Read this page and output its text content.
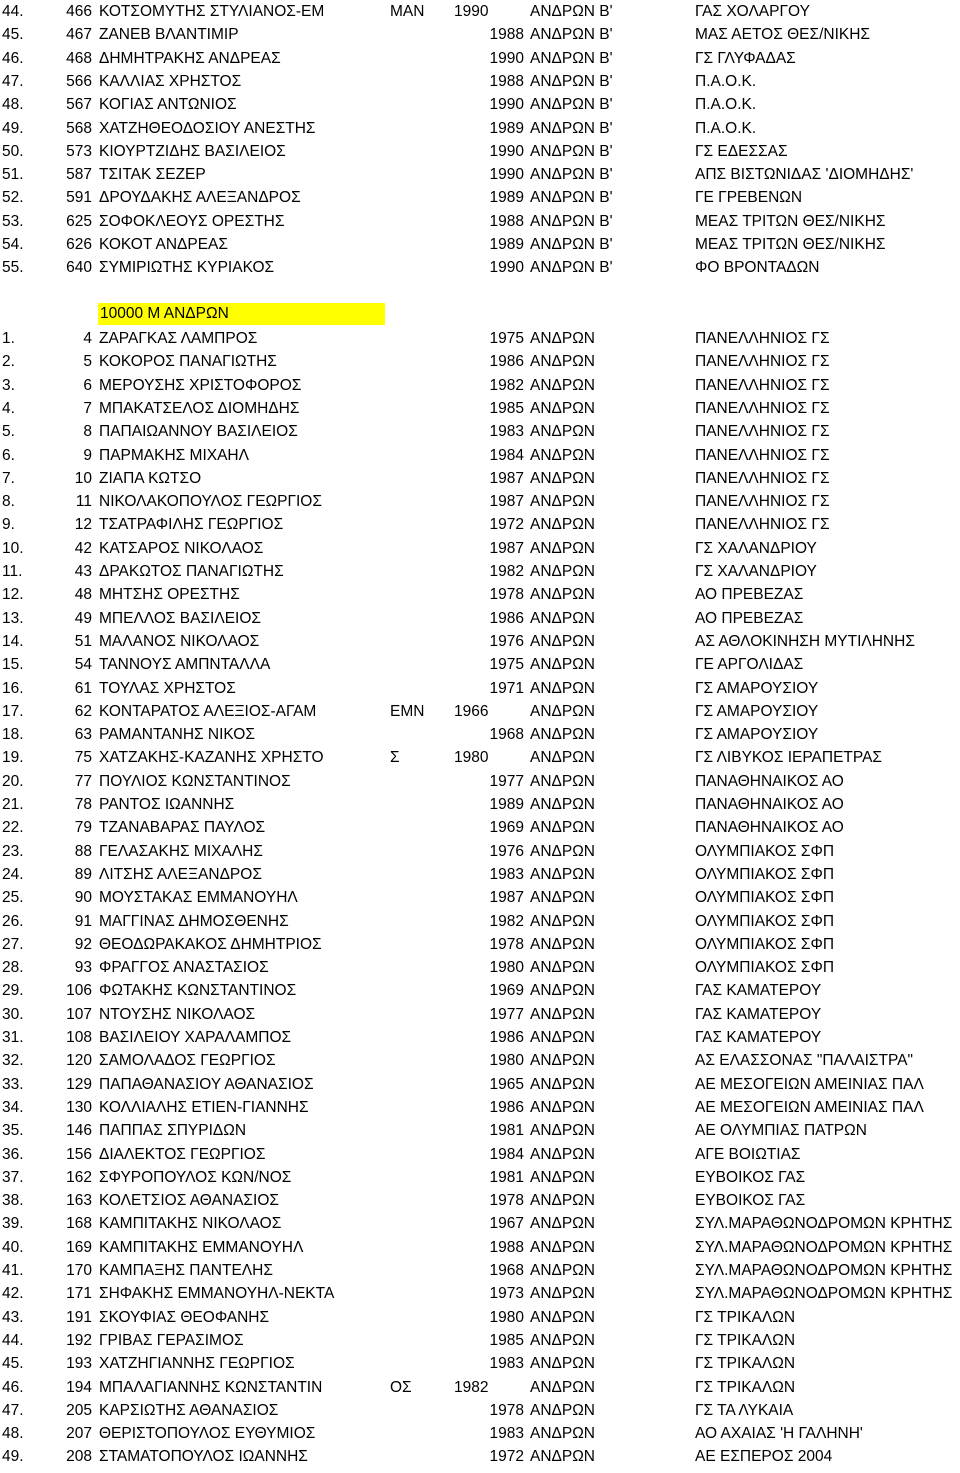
44.	466 ΚΟΤΣΟΜΥΤΗΣ ΣΤΥΛΙΑΝΟΣ-ΕΜ	ΜΑΝ 1990	ΑΝΔΡΩΝ Β'	ΓΑΣ ΧΟΛΑΡΓΟΥ
45.	467 ZANEB ΒΛΑΝΤΙΜΙΡ	1988 ΑΝΔΡΩΝ Β'	ΜΑΣ ΑΕΤΟΣ ΘΕΣ/ΝΙΚΗΣ
46.	468 ΔΗΜΗΤΡΑΚΗΣ ΑΝΔΡΕΑΣ	1990 ΑΝΔΡΩΝ Β'	ΓΣ ΓΛΥΦΑΔΑΣ
47.	566 ΚΑΛΛΙΑΣ ΧΡΗΣΤΟΣ	1988 ΑΝΔΡΩΝ Β'	Π.Α.Ο.Κ.
48.	567 ΚΟΓΙΑΣ ΑΝΤΩΝΙΟΣ	1990 ΑΝΔΡΩΝ Β'	Π.Α.Ο.Κ.
49.	568 ΧΑΤΖΗΘΕΟΔΟΣΙΟΥ ΑΝΕΣΤΗΣ	1989 ΑΝΔΡΩΝ Β'	Π.Α.Ο.Κ.
50.	573 ΚΙΟΥΡΤΖΙΔΗΣ ΒΑΣΙΛΕΙΟΣ	1990 ΑΝΔΡΩΝ Β'	ΓΣ ΕΔΕΣΣΑΣ
51.	587 ΤΣΙΤΑΚ ΣΕΖΕΡ	1990 ΑΝΔΡΩΝ Β'	ΑΠΣ ΒΙΣΤΩΝΙΔΑΣ 'ΔΙΟΜΗΔΗΣ'
52.	591 ΔΡΟΥΔΑΚΗΣ ΑΛΕΞΑΝΔΡΟΣ	1989 ΑΝΔΡΩΝ Β'	ΓΕ ΓΡΕΒΕΝΩΝ
53.	625 ΣΟΦΟΚΛΕΟΥΣ ΟΡΕΣΤΗΣ	1988 ΑΝΔΡΩΝ Β'	ΜΕΑΣ ΤΡΙΤΩΝ ΘΕΣ/ΝΙΚΗΣ
54.	626 ΚΟΚΟΤ ΑΝΔΡΕΑΣ	1989 ΑΝΔΡΩΝ Β'	ΜΕΑΣ ΤΡΙΤΩΝ ΘΕΣ/ΝΙΚΗΣ
55.	640 ΣΥΜΙΡΙΩΤΗΣ ΚΥΡΙΑΚΟΣ	1990 ΑΝΔΡΩΝ Β'	ΦΟ ΒΡΟΝΤΑΔΩΝ
10000 Μ ΑΝΔΡΩΝ
1.	4 ΖΑΡΑΓΚΑΣ ΛΑΜΠΡΟΣ	1975 ΑΝΔΡΩΝ	ΠΑΝΕΛΛΗΝΙΟΣ ΓΣ
2.	5 ΚΟΚΟΡΟΣ ΠΑΝΑΓΙΩΤΗΣ	1986 ΑΝΔΡΩΝ	ΠΑΝΕΛΛΗΝΙΟΣ ΓΣ
3.	6 ΜΕΡΟΥΣΗΣ ΧΡΙΣΤΟΦΟΡΟΣ	1982 ΑΝΔΡΩΝ	ΠΑΝΕΛΛΗΝΙΟΣ ΓΣ
4.	7 ΜΠΑΚΑΤΣΕΛΟΣ ΔΙΟΜΗΔΗΣ	1985 ΑΝΔΡΩΝ	ΠΑΝΕΛΛΗΝΙΟΣ ΓΣ
5.	8 ΠΑΠΑΙΩΑΝΝΟΥ ΒΑΣΙΛΕΙΟΣ	1983 ΑΝΔΡΩΝ	ΠΑΝΕΛΛΗΝΙΟΣ ΓΣ
6.	9 ΠΑΡΜΑΚΗΣ ΜΙΧΑΗΛ	1984 ΑΝΔΡΩΝ	ΠΑΝΕΛΛΗΝΙΟΣ ΓΣ
7.	10 ΖΙΑΠΑ ΚΩΤΣΟ	1987 ΑΝΔΡΩΝ	ΠΑΝΕΛΛΗΝΙΟΣ ΓΣ
8.	11 ΝΙΚΟΛΑΚΟΠΟΥΛΟΣ ΓΕΩΡΓΙΟΣ	1987 ΑΝΔΡΩΝ	ΠΑΝΕΛΛΗΝΙΟΣ ΓΣ
9.	12 ΤΣΑΤΡΑΦΙΛΗΣ ΓΕΩΡΓΙΟΣ	1972 ΑΝΔΡΩΝ	ΠΑΝΕΛΛΗΝΙΟΣ ΓΣ
10.	42 ΚΑΤΣΑΡΟΣ ΝΙΚΟΛΑΟΣ	1987 ΑΝΔΡΩΝ	ΓΣ ΧΑΛΑΝΔΡΙΟΥ
11.	43 ΔΡΑΚΩΤΟΣ ΠΑΝΑΓΙΩΤΗΣ	1982 ΑΝΔΡΩΝ	ΓΣ ΧΑΛΑΝΔΡΙΟΥ
12.	48 ΜΗΤΣΗΣ ΟΡΕΣΤΗΣ	1978 ΑΝΔΡΩΝ	ΑΟ ΠΡΕΒΕΖΑΣ
13.	49 ΜΠΕΛΛΟΣ ΒΑΣΙΛΕΙΟΣ	1986 ΑΝΔΡΩΝ	ΑΟ ΠΡΕΒΕΖΑΣ
14.	51 ΜΑΛΑΝΟΣ ΝΙΚΟΛΑΟΣ	1976 ΑΝΔΡΩΝ	ΑΣ ΑΘΛΟΚΙΝΗΣΗ ΜΥΤΙΛΗΝΗΣ
15.	54 ΤΑΝΝΟΥΣ ΑΜΠΝΤΑΛΛΑ	1975 ΑΝΔΡΩΝ	ΓΕ ΑΡΓΟΛΙΔΑΣ
16.	61 ΤΟΥΛΑΣ ΧΡΗΣΤΟΣ	1971 ΑΝΔΡΩΝ	ΓΣ ΑΜΑΡΟΥΣΙΟΥ
17.	62 ΚΟΝΤΑΡΑΤΟΣ ΑΛΕΞΙΟΣ-ΑΓΑΜ	ΕΜΝ 1966	ΑΝΔΡΩΝ	ΓΣ ΑΜΑΡΟΥΣΙΟΥ
18.	63 ΡΑΜΑΝΤΑΝΗΣ ΝΙΚΟΣ	1968 ΑΝΔΡΩΝ	ΓΣ ΑΜΑΡΟΥΣΙΟΥ
19.	75 ΧΑΤΖΑΚΗΣ-ΚΑΖΑΝΗΣ ΧΡΗΣΤΟ	Σ	1980	ΑΝΔΡΩΝ	ΓΣ ΛΙΒΥΚΟΣ ΙΕΡΑΠΕΤΡΑΣ
20.	77 ΠΟΥΛΙΟΣ ΚΩΝΣΤΑΝΤΙΝΟΣ	1977 ΑΝΔΡΩΝ	ΠΑΝΑΘΗΝΑΙΚΟΣ ΑΟ
21.	78 ΡΑΝΤΟΣ ΙΩΑΝΝΗΣ	1989 ΑΝΔΡΩΝ	ΠΑΝΑΘΗΝΑΙΚΟΣ ΑΟ
22.	79 ΤΖΑΝΑΒΑΡΑΣ ΠΑΥΛΟΣ	1969 ΑΝΔΡΩΝ	ΠΑΝΑΘΗΝΑΙΚΟΣ ΑΟ
23.	88 ΓΕΛΑΣΑΚΗΣ ΜΙΧΑΛΗΣ	1976 ΑΝΔΡΩΝ	ΟΛΥΜΠΙΑΚΟΣ ΣΦΠ
24.	89 ΛΙΤΣΗΣ ΑΛΕΞΑΝΔΡΟΣ	1983 ΑΝΔΡΩΝ	ΟΛΥΜΠΙΑΚΟΣ ΣΦΠ
25.	90 ΜΟΥΣΤΑΚΑΣ ΕΜΜΑΝΟΥΗΛ	1987 ΑΝΔΡΩΝ	ΟΛΥΜΠΙΑΚΟΣ ΣΦΠ
26.	91 ΜΑΓΓΙΝΑΣ ΔΗΜΟΣΘΕΝΗΣ	1982 ΑΝΔΡΩΝ	ΟΛΥΜΠΙΑΚΟΣ ΣΦΠ
27.	92 ΘΕΟΔΩΡΑΚΑΚΟΣ ΔΗΜΗΤΡΙΟΣ	1978 ΑΝΔΡΩΝ	ΟΛΥΜΠΙΑΚΟΣ ΣΦΠ
28.	93 ΦΡΑΓΓΟΣ ΑΝΑΣΤΑΣΙΟΣ	1980 ΑΝΔΡΩΝ	ΟΛΥΜΠΙΑΚΟΣ ΣΦΠ
29.	106 ΦΩΤΑΚΗΣ ΚΩΝΣΤΑΝΤΙΝΟΣ	1969 ΑΝΔΡΩΝ	ΓΑΣ ΚΑΜΑΤΕΡΟΥ
30.	107 ΝΤΟΥΣΗΣ ΝΙΚΟΛΑΟΣ	1977 ΑΝΔΡΩΝ	ΓΑΣ ΚΑΜΑΤΕΡΟΥ
31.	108 ΒΑΣΙΛΕΙΟΥ ΧΑΡΑΛΑΜΠΟΣ	1986 ΑΝΔΡΩΝ	ΓΑΣ ΚΑΜΑΤΕΡΟΥ
32.	120 ΣΑΜΟΛΑΔΟΣ ΓΕΩΡΓΙΟΣ	1980 ΑΝΔΡΩΝ	ΑΣ ΕΛΑΣΣΟΝΑΣ "ΠΑΛΑΙΣΤΡΑ"
33.	129 ΠΑΠΑΘΑΝΑΣΙΟΥ ΑΘΑΝΑΣΙΟΣ	1965 ΑΝΔΡΩΝ	ΑΕ ΜΕΣΟΓΕΙΩΝ ΑΜΕΙΝΙΑΣ ΠΑΛ
34.	130 ΚΟΛΛΙΑΛΗΣ ΕΤΙΕΝ-ΓΙΑΝΝΗΣ	1986 ΑΝΔΡΩΝ	ΑΕ ΜΕΣΟΓΕΙΩΝ ΑΜΕΙΝΙΑΣ ΠΑΛ
35.	146 ΠΑΠΠΑΣ ΣΠΥΡΙΔΩΝ	1981 ΑΝΔΡΩΝ	ΑΕ ΟΛΥΜΠΙΑΣ ΠΑΤΡΩΝ
36.	156 ΔΙΑΛΕΚΤΟΣ ΓΕΩΡΓΙΟΣ	1984 ΑΝΔΡΩΝ	ΑΓΕ ΒΟΙΩΤΙΑΣ
37.	162 ΣΦΥΡΟΠΟΥΛΟΣ ΚΩΝ/ΝΟΣ	1981 ΑΝΔΡΩΝ	ΕΥΒΟΙΚΟΣ ΓΑΣ
38.	163 ΚΟΛΕΤΣΙΟΣ ΑΘΑΝΑΣΙΟΣ	1978 ΑΝΔΡΩΝ	ΕΥΒΟΙΚΟΣ ΓΑΣ
39.	168 ΚΑΜΠΙΤΑΚΗΣ ΝΙΚΟΛΑΟΣ	1967 ΑΝΔΡΩΝ	ΣΥΛ.ΜΑΡΑΘΩΝΟΔΡΟΜΩΝ ΚΡΗΤΗΣ
40.	169 ΚΑΜΠΙΤΑΚΗΣ ΕΜΜΑΝΟΥΗΛ	1988 ΑΝΔΡΩΝ	ΣΥΛ.ΜΑΡΑΘΩΝΟΔΡΟΜΩΝ ΚΡΗΤΗΣ
41.	170 ΚΑΜΠΑΞΗΣ ΠΑΝΤΕΛΗΣ	1968 ΑΝΔΡΩΝ	ΣΥΛ.ΜΑΡΑΘΩΝΟΔΡΟΜΩΝ ΚΡΗΤΗΣ
42.	171 ΣΗΦΑΚΗΣ ΕΜΜΑΝΟΥΗΛ-ΝΕΚΤΑ	1973 ΑΝΔΡΩΝ	ΣΥΛ.ΜΑΡΑΘΩΝΟΔΡΟΜΩΝ ΚΡΗΤΗΣ
43.	191 ΣΚΟΥΦΙΑΣ ΘΕΟΦΑΝΗΣ	1980 ΑΝΔΡΩΝ	ΓΣ ΤΡΙΚΑΛΩΝ
44.	192 ΓΡΙΒΑΣ ΓΕΡΑΣΙΜΟΣ	1985 ΑΝΔΡΩΝ	ΓΣ ΤΡΙΚΑΛΩΝ
45.	193 ΧΑΤΖΗΓΙΑΝΝΗΣ ΓΕΩΡΓΙΟΣ	1983 ΑΝΔΡΩΝ	ΓΣ ΤΡΙΚΑΛΩΝ
46.	194 ΜΠΑΛΑΓΙΑΝΝΗΣ ΚΩΝΣΤΑΝΤΙΝ	ΟΣ	1982	ΑΝΔΡΩΝ	ΓΣ ΤΡΙΚΑΛΩΝ
47.	205 ΚΑΡΣΙΩΤΗΣ ΑΘΑΝΑΣΙΟΣ	1978 ΑΝΔΡΩΝ	ΓΣ ΤΑ ΛΥΚΑΙΑ
48.	207 ΘΕΡΙΣΤΟΠΟΥΛΟΣ ΕΥΘΥΜΙΟΣ	1983 ΑΝΔΡΩΝ	ΑΟ ΑΧΑΙΑΣ 'Η ΓΑΛΗΝΗ'
49.	208 ΣΤΑΜΑΤΟΠΟΥΛΟΣ ΙΩΑΝΝΗΣ	1972 ΑΝΔΡΩΝ	ΑΕ ΕΣΠΕΡΟΣ 2004
